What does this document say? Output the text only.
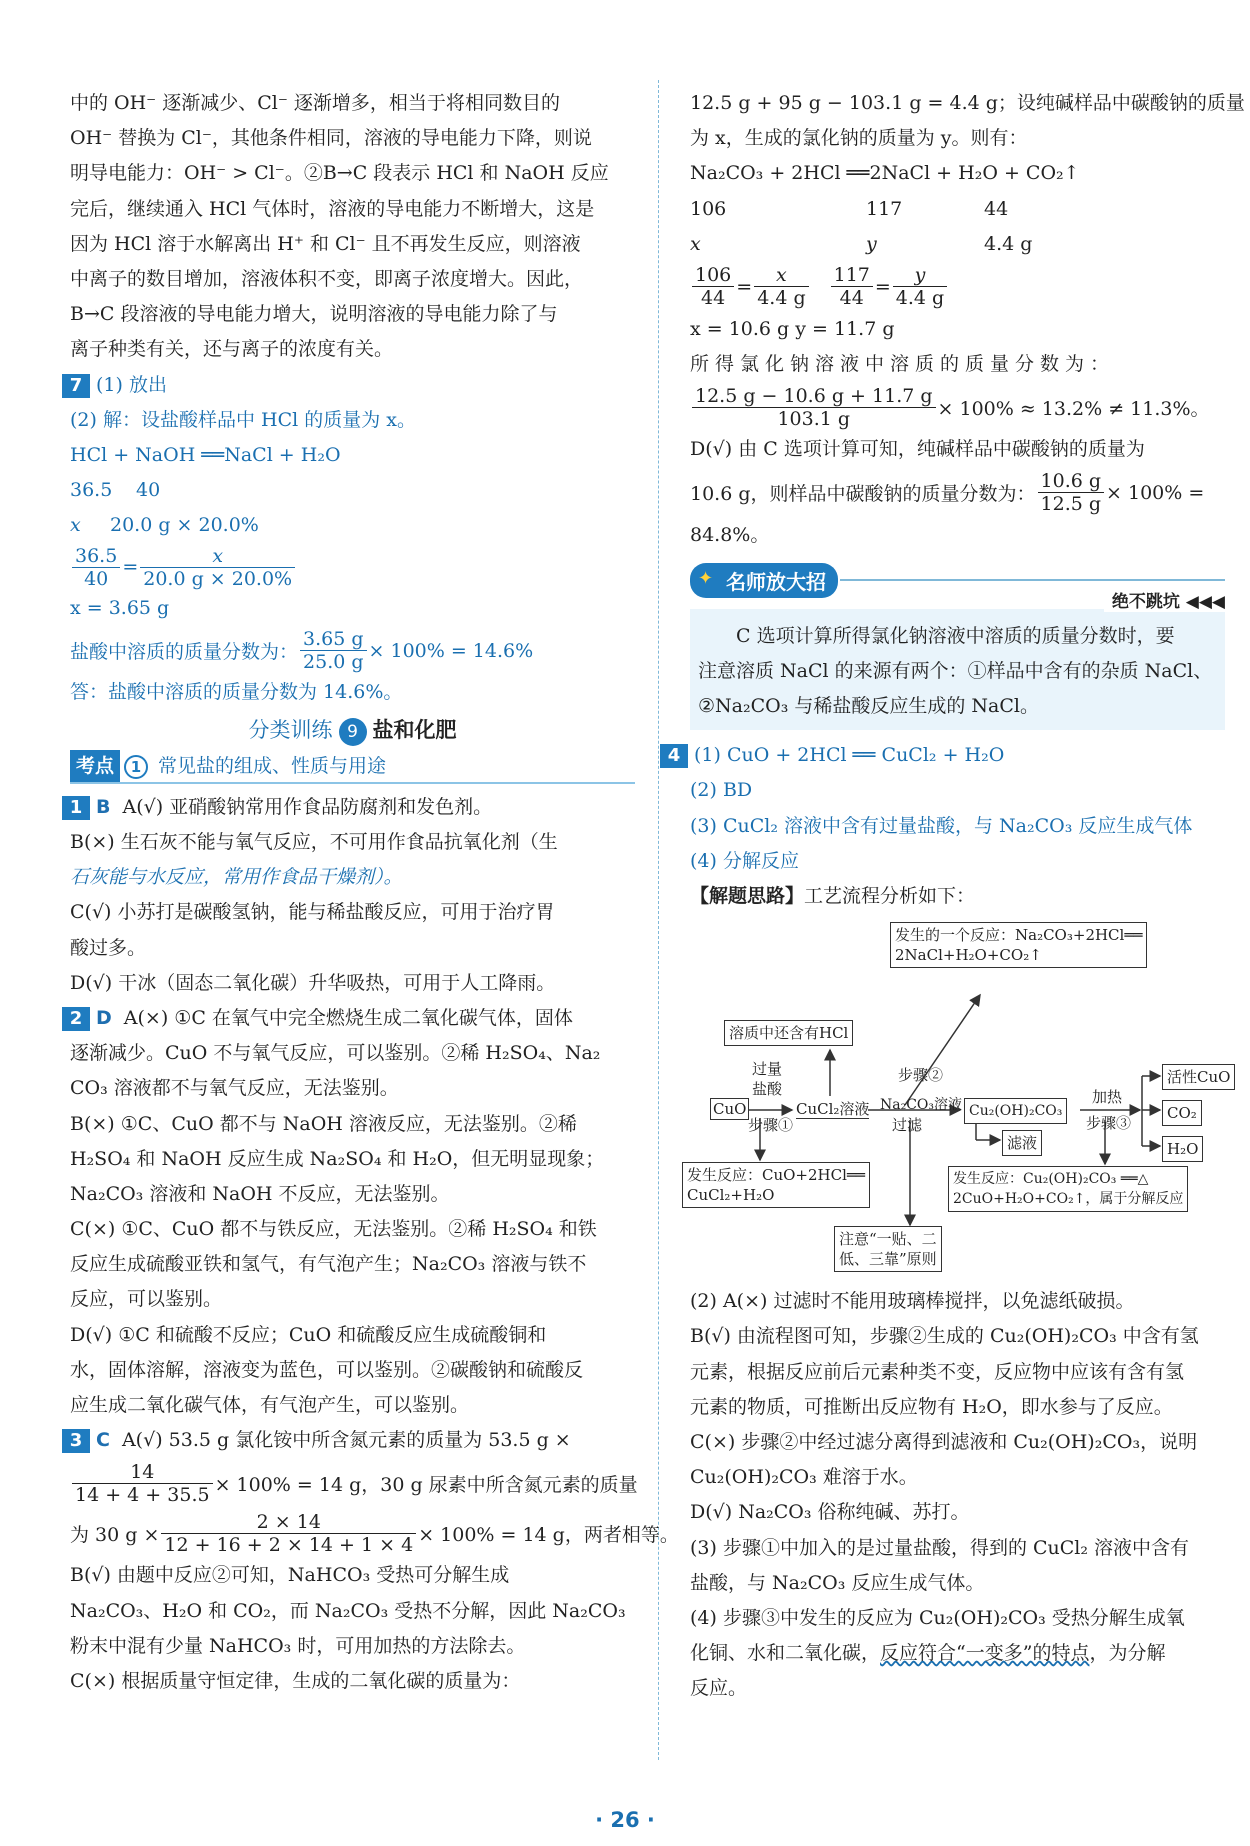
中的 OH⁻ 逐渐减少、Cl⁻ 逐渐增多，相当于将相同数目的
OH⁻ 替换为 Cl⁻，其他条件相同，溶液的导电能力下降，则说
明导电能力：OH⁻ > Cl⁻。②B→C 段表示 HCl 和 NaOH 反应
完后，继续通入 HCl 气体时，溶液的导电能力不断增大，这是
因为 HCl 溶于水解离出 H⁺ 和 Cl⁻ 且不再发生反应，则溶液
中离子的数目增加，溶液体积不变，即离子浓度增大。因此，
B→C 段溶液的导电能力增大，说明溶液的导电能力除了与
离子种类有关，还与离子的浓度有关。
7 (1) 放出
(2) 解：设盐酸样品中 HCl 的质量为 x。
HCl + NaOH ══NaCl + H₂O
36.5 40
x 20.0 g × 20.0%
$\frac{36.5}{40} = \frac{x}{20.0 g \times 20.0\%}$
x = 3.65 g
盐酸中溶质的质量分数为： $\frac{3.65 g}{25.0 g} \times 100\% = 14.6\%$
答：盐酸中溶质的质量分数为 14.6%。
分类训练 9 盐和化肥
考点 1 常见盐的组成、性质与用途
1 B A(√) 亚硝酸钠常用作食品防腐剂和发色剂。
B(×) 生石灰不能与氧气反应，不可用作食品抗氧化剂（生
石灰能与水反应，常用作食品干燥剂）。
C(√) 小苏打是碳酸氢钠，能与稀盐酸反应，可用于治疗胃
酸过多。
D(√) 干冰（固态二氧化碳）升华吸热，可用于人工降雨。
2 D A(×) ①C 在氧气中完全燃烧生成二氧化碳气体，固体
逐渐减少。CuO 不与氧气反应，可以鉴别。②稀 H₂SO₄、Na₂
CO₃ 溶液都不与氧气反应，无法鉴别。
B(×) ①C、CuO 都不与 NaOH 溶液反应，无法鉴别。②稀
H₂SO₄ 和 NaOH 反应生成 Na₂SO₄ 和 H₂O，但无明显现象；
Na₂CO₃ 溶液和 NaOH 不反应，无法鉴别。
C(×) ①C、CuO 都不与铁反应，无法鉴别。②稀 H₂SO₄ 和铁
反应生成硫酸亚铁和氢气，有气泡产生；Na₂CO₃ 溶液与铁不
反应，可以鉴别。
D(√) ①C 和硫酸不反应；CuO 和硫酸反应生成硫酸铜和
水，固体溶解，溶液变为蓝色，可以鉴别。②碳酸钠和硫酸反
应生成二氧化碳气体，有气泡产生，可以鉴别。
3 C A(√) 53.5 g 氯化铵中所含氮元素的质量为 53.5 g ×
$\frac{14}{14 + 4 + 35.5} \times 100\% = 14$ g，30 g 尿素中所含氮元素的质量
为 30 $g \times \frac{2 \times 14}{12 + 16 + 2 \times 14 + 1 \times 4} \times 100\% = 14$ g，两者相等。
B(√) 由题中反应②可知，NaHCO₃ 受热可分解生成
Na₂CO₃、H₂O 和 CO₂，而 Na₂CO₃ 受热不分解，因此 Na₂CO₃
粉末中混有少量 NaHCO₃ 时，可用加热的方法除去。
C(×) 根据质量守恒定律，生成的二氧化碳的质量为：
12.5 g + 95 g − 103.1 g = 4.4 g；设纯碱样品中碳酸钠的质量
为 x，生成的氯化钠的质量为 y。则有：
Na₂CO₃ + 2HCl ══2NaCl + H₂O + CO₂↑
106	117	44
x	y	4.4 g
$\frac{106}{44} = \frac{x}{4.4 g} \frac{117}{44} = \frac{y}{4.4 g}$
x = 10.6 g y = 11.7 g
所得氯化钠溶液中溶质的质量分数为：
$\frac{12.5 g - 10.6 g + 11.7 g}{103.1 g} \times 100\% \approx 13.2\% \ne 11.3\%$。
D(√) 由 C 选项计算可知，纯碱样品中碳酸钠的质量为
10.6 g，则样品中碳酸钠的质量分数为： $\frac{10.6 g}{12.5 g} \times 100\%$ =
84.8%。
✦ 名师放大招
绝不跳坑 ◀◀◀
C 选项计算所得氯化钠溶液中溶质的质量分数时，要
注意溶质 NaCl 的来源有两个：①样品中含有的杂质 NaCl、
②Na₂CO₃ 与稀盐酸反应生成的 NaCl。
4 (1) CuO + 2HCl ══ CuCl₂ + H₂O
(2) BD
(3) CuCl₂ 溶液中含有过量盐酸，与 Na₂CO₃ 反应生成气体
(4) 分解反应
【解题思路】工艺流程分析如下：
发生的一个反应：Na₂CO₃+2HCl══
2NaCl+H₂O+CO₂↑
溶质中还含有HCl
CuO
过量
盐酸
步骤①
CuCl₂溶液
步骤②
Na₂CO₃溶液
过滤
Cu₂(OH)₂CO₃
滤液
加热
步骤③
活性CuO
CO₂
H₂O
发生反应：CuO+2HCl══
CuCl₂+H₂O
发生反应：Cu₂(OH)₂CO₃ ══△
2CuO+H₂O+CO₂↑，属于分解反应
注意“一贴、二
低、三靠”原则
(2) A(×) 过滤时不能用玻璃棒搅拌，以免滤纸破损。
B(√) 由流程图可知，步骤②生成的 Cu₂(OH)₂CO₃ 中含有氢
元素，根据反应前后元素种类不变，反应物中应该有含有氢
元素的物质，可推断出反应物有 H₂O，即水参与了反应。
C(×) 步骤②中经过滤分离得到滤液和 Cu₂(OH)₂CO₃，说明
Cu₂(OH)₂CO₃ 难溶于水。
D(√) Na₂CO₃ 俗称纯碱、苏打。
(3) 步骤①中加入的是过量盐酸，得到的 CuCl₂ 溶液中含有
盐酸，与 Na₂CO₃ 反应生成气体。
(4) 步骤③中发生的反应为 Cu₂(OH)₂CO₃ 受热分解生成氧
化铜、水和二氧化碳，反应符合“一变多”的特点，为分解
反应。
· 26 ·
